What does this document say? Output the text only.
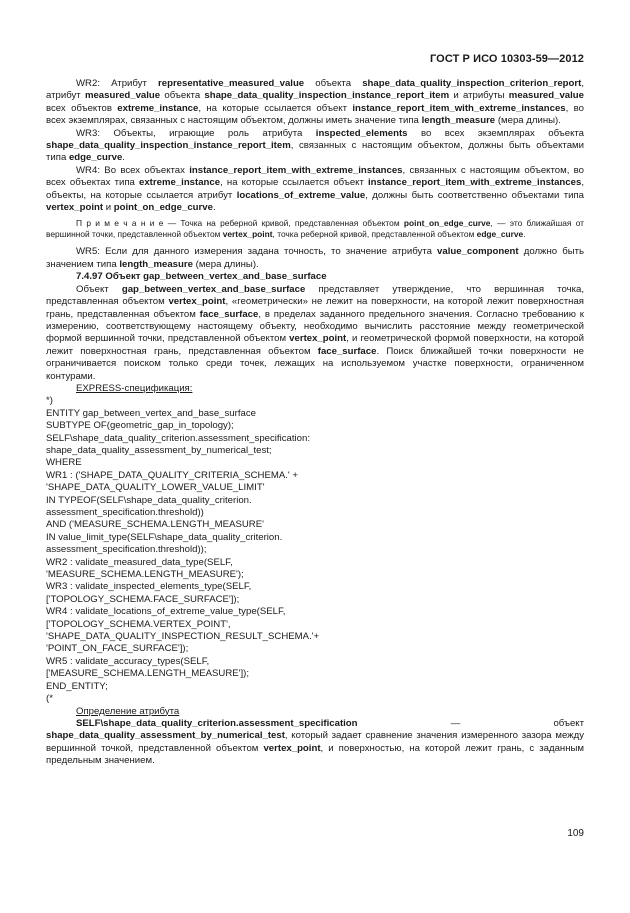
ГОСТ Р ИСО 10303-59—2012

WR2: Атрибут representative_measured_value объекта shape_data_quality_inspection_criterion_report, атрибут measured_value объекта shape_data_quality_inspection_instance_report_item и атрибуты measured_value всех объектов extreme_instance, на которые ссылается объект instance_report_item_with_extreme_instances, во всех экземплярах, связанных с настоящим объектом, должны иметь значение типа length_measure (мера длины).

WR3: Объекты, играющие роль атрибута inspected_elements во всех экземплярах объекта shape_data_quality_inspection_instance_report_item, связанных с настоящим объектом, должны быть объектами типа edge_curve.

WR4: Во всех объектах instance_report_item_with_extreme_instances, связанных с настоящим объектом, во всех объектах типа extreme_instance, на которые ссылается объект instance_report_item_with_extreme_instances, объекты, на которые ссылается атрибут locations_of_extreme_value, должны быть соответственно объектами типа vertex_point и point_on_edge_curve.

П р и м е ч а н и е — Точка на реберной кривой, представленная объектом point_on_edge_curve, — это ближайшая от вершинной точки, представленной объектом vertex_point, точка реберной кривой, представленной объектом edge_curve.

WR5: Если для данного измерения задана точность, то значение атрибута value_component должно быть значением типа length_measure (мера длины).

7.4.97 Объект gap_between_vertex_and_base_surface

Объект gap_between_vertex_and_base_surface представляет утверждение, что вершинная точка, представленная объектом vertex_point, «геометрически» не лежит на поверхности, на которой лежит поверхностная грань, представленная объектом face_surface, в пределах заданного предельного значения. Согласно требованию к измерению, соответствующему настоящему объекту, необходимо вычислить расстояние между геометрической формой вершинной точки, представленной объектом vertex_point, и геометрической формой поверхности, на которой лежит поверхностная грань, представленная объектом face_surface. Поиск ближайшей точки поверхности не ограничивается поиском только среди точек, лежащих на используемом участке поверхности, ограниченном контурами.

EXPRESS-спецификация:

*)
ENTITY gap_between_vertex_and_base_surface
SUBTYPE OF(geometric_gap_in_topology);
SELF\shape_data_quality_criterion.assessment_specification:
shape_data_quality_assessment_by_numerical_test;
WHERE
WR1 : ('SHAPE_DATA_QUALITY_CRITERIA_SCHEMA.' +
'SHAPE_DATA_QUALITY_LOWER_VALUE_LIMIT'
IN TYPEOF(SELF\shape_data_quality_criterion.
assessment_specification.threshold))
AND ('MEASURE_SCHEMA.LENGTH_MEASURE'
IN value_limit_type(SELF\shape_data_quality_criterion.
assessment_specification.threshold));
WR2 : validate_measured_data_type(SELF,
'MEASURE_SCHEMA.LENGTH_MEASURE');
WR3 : validate_inspected_elements_type(SELF,
['TOPOLOGY_SCHEMA.FACE_SURFACE']);
WR4 : validate_locations_of_extreme_value_type(SELF,
['TOPOLOGY_SCHEMA.VERTEX_POINT',
'SHAPE_DATA_QUALITY_INSPECTION_RESULT_SCHEMA.'+
'POINT_ON_FACE_SURFACE']);
WR5 : validate_accuracy_types(SELF,
['MEASURE_SCHEMA.LENGTH_MEASURE']);
END_ENTITY;
(*

Определение атрибута

SELF\shape_data_quality_criterion.assessment_specification — объект shape_data_quality_assessment_by_numerical_test, который задает сравнение значения измеренного зазора между вершинной точкой, представленной объектом vertex_point, и поверхностью, на которой лежит грань, с заданным предельным значением.

109
